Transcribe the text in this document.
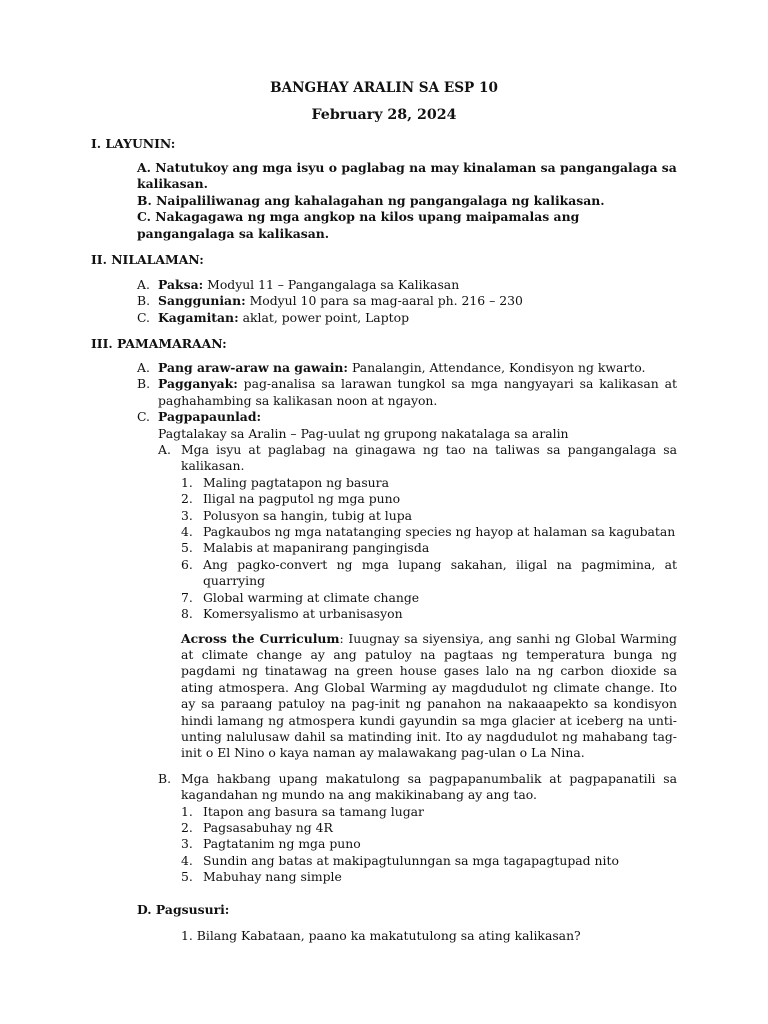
BANGHAY ARALIN SA ESP 10
February 28, 2024
I. LAYUNIN:

A. Natutukoy ang mga isyu o paglabag na may kinalaman sa pangangalaga sa kalikasan.

B. Naipaliliwanag ang kahalagahan ng pangangalaga ng kalikasan.

C. Nakagagawa ng mga angkop na kilos upang maipamalas ang pangangalaga sa kalikasan.

II. NILALAMAN:
A. Paksa: Modyul 11 – Pangangalaga sa Kalikasan
B. Sanggunian: Modyul 10 para sa mag-aaral ph. 216 – 230
C. Kagamitan: aklat, power point, Laptop
III. PAMAMARAAN:
A. Pang araw-araw na gawain: Panalangin, Attendance, Kondisyon ng kwarto.
B. Pagganyak: pag-analisa sa larawan tungkol sa mga nangyayari sa kalikasan at paghahambing sa kalikasan noon at ngayon.
C. Pagpapaunlad:
Pagtalakay sa Aralin – Pag-uulat ng grupong nakatalaga sa aralin
A. Mga isyu at paglabag na ginagawa ng tao na taliwas sa pangangalaga sa kalikasan.
1. Maling pagtatapon ng basura
2. Iligal na pagputol ng mga puno
3. Polusyon sa hangin, tubig at lupa
4. Pagkaubos ng mga natatanging species ng hayop at halaman sa kagubatan
5. Malabis at mapanirang pangingisda
6. Ang pagko-convert ng mga lupang sakahan, iligal na pagmimina, at quarrying
7. Global warming at climate change
8. Komersyalismo at urbanisasyon

Across the Curriculum: Iuugnay sa siyensiya, ang sanhi ng Global Warming at climate change ay ang patuloy na pagtaas ng temperatura bunga ng pagdami ng tinatawag na green house gases lalo na ng carbon dioxide sa ating atmospera. Ang Global Warming ay magdudulot ng climate change. Ito ay sa paraang patuloy na pag-init ng panahon na nakaaapekto sa kondisyon hindi lamang ng atmospera kundi gayundin sa mga glacier at iceberg na unti-unting nalulusaw dahil sa matinding init. Ito ay nagdudulot ng mahabang tag-init o El Nino o kaya naman ay malawakang pag-ulan o La Nina.

B. Mga hakbang upang makatulong sa pagpapanumbalik at pagpapanatili sa kagandahan ng mundo na ang makikinabang ay ang tao.
1. Itapon ang basura sa tamang lugar
2. Pagsasabuhay ng 4R
3. Pagtatanim ng mga puno
4. Sundin ang batas at makipagtulunngan sa mga tagapagtupad nito
5. Mabuhay nang simple
D. Pagsusuri:
1. Bilang Kabataan, paano ka makatutulong sa ating kalikasan?
